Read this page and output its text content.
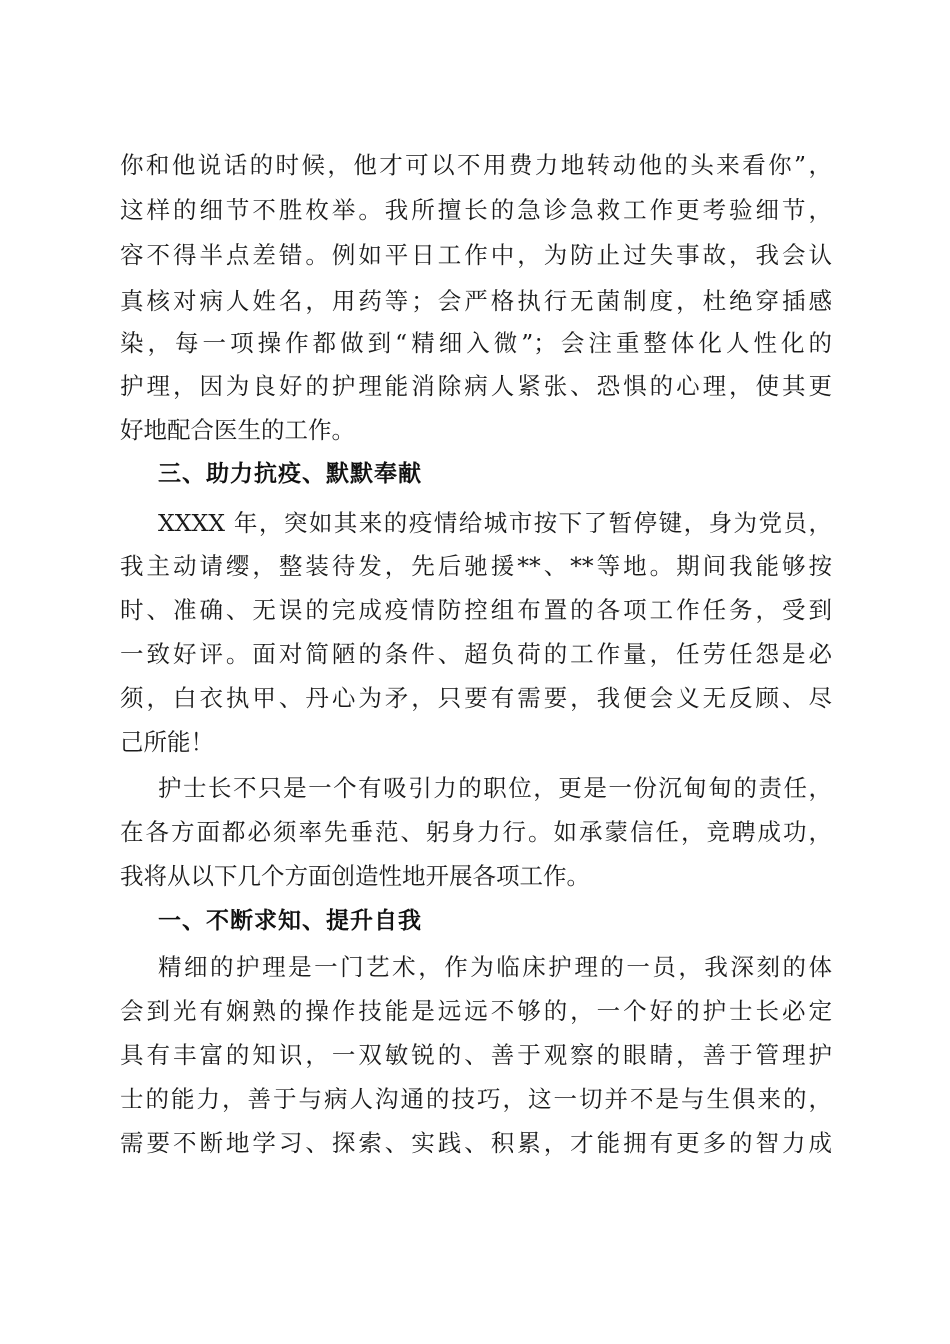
你和他说话的时候，他才可以不用费力地转动他的头来看你”，
这样的细节不胜枚举。我所擅长的急诊急救工作更考验细节，
容不得半点差错。例如平日工作中，为防止过失事故，我会认
真核对病人姓名，用药等；会严格执行无菌制度，杜绝穿插感
染，每一项操作都做到“精细入微”；会注重整体化人性化的
护理，因为良好的护理能消除病人紧张、恐惧的心理，使其更
好地配合医生的工作。
三、助力抗疫、默默奉献
XXXX 年，突如其来的疫情给城市按下了暂停键，身为党员，
我主动请缨，整装待发，先后驰援**、**等地。期间我能够按
时、准确、无误的完成疫情防控组布置的各项工作任务，受到
一致好评。面对简陋的条件、超负荷的工作量，任劳任怨是必
须，白衣执甲、丹心为矛，只要有需要，我便会义无反顾、尽
己所能！
护士长不只是一个有吸引力的职位，更是一份沉甸甸的责任，
在各方面都必须率先垂范、躬身力行。如承蒙信任，竞聘成功，
我将从以下几个方面创造性地开展各项工作。
一、不断求知、提升自我
精细的护理是一门艺术，作为临床护理的一员，我深刻的体
会到光有娴熟的操作技能是远远不够的，一个好的护士长必定
具有丰富的知识，一双敏锐的、善于观察的眼睛，善于管理护
士的能力，善于与病人沟通的技巧，这一切并不是与生俱来的，
需要不断地学习、探索、实践、积累，才能拥有更多的智力成
